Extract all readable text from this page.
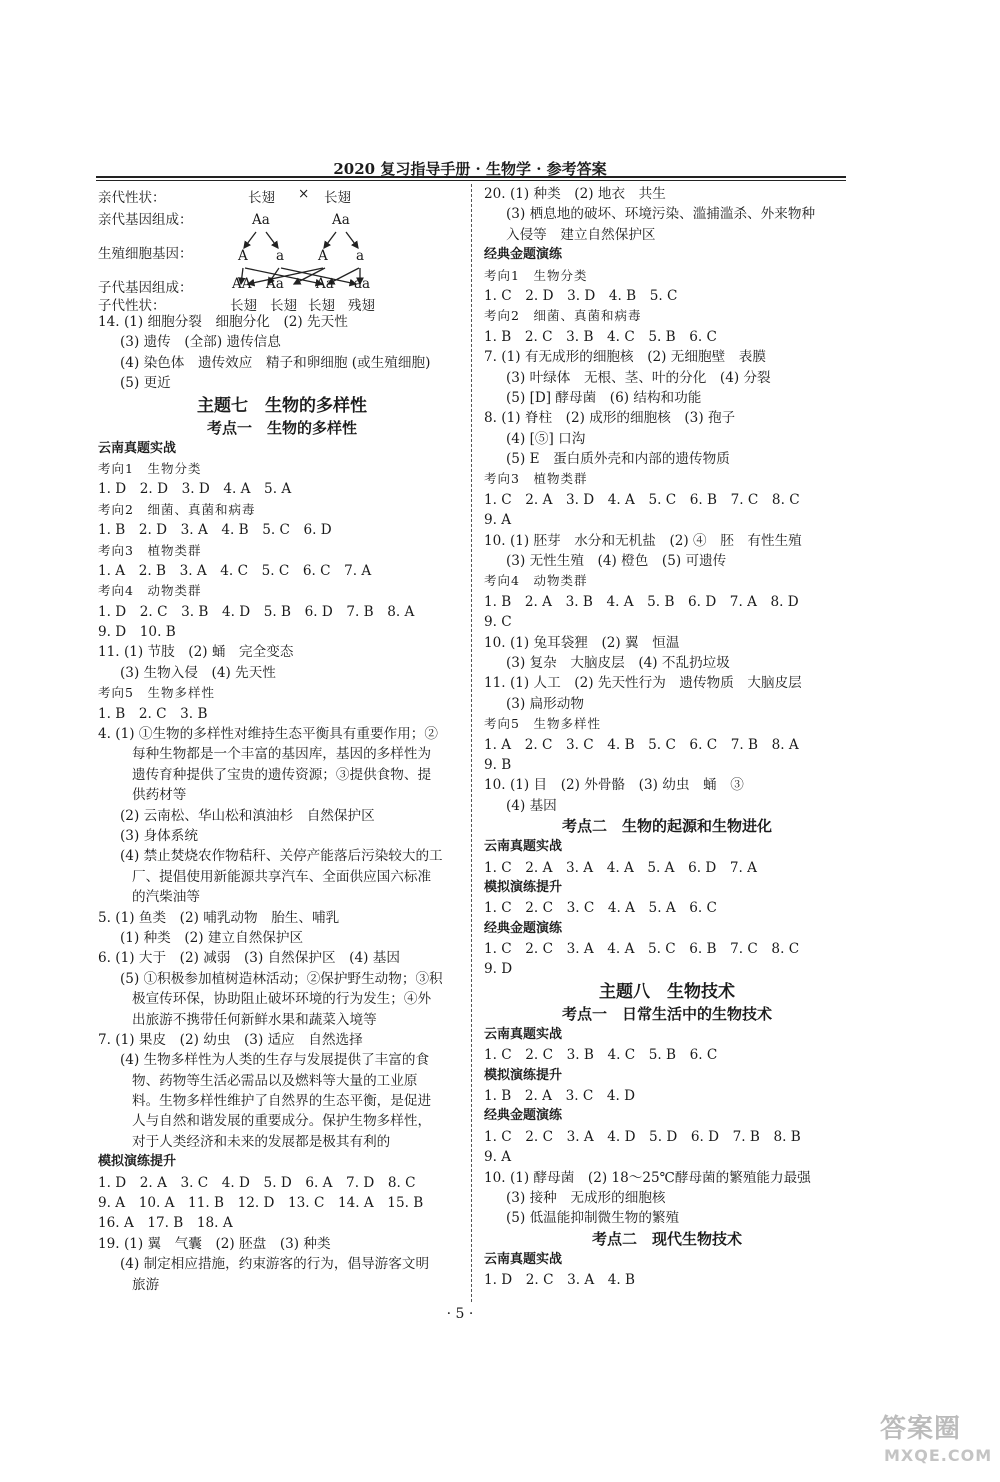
2020 复习指导手册 · 生物学 · 参考答案
亲代性状：
亲代基因组成：
生殖细胞基因：
子代基因组成：
子代性状：
长翅 × 长翅
Aa	Aa
A a	A a
AA Aa Aa aa
长翅 长翅 长翅 残翅
14. (1) 细胞分裂　细胞分化　(2) 先天性
(3) 遗传　(全部) 遗传信息
(4) 染色体　遗传效应　精子和卵细胞 (或生殖细胞)
(5) 更近
主题七　生物的多样性
考点一　生物的多样性
云南真题实战
考向1　生物分类
1. D　2. D　3. D　4. A　5. A
考向2　细菌、真菌和病毒
1. B　2. D　3. A　4. B　5. C　6. D
考向3　植物类群
1. A　2. B　3. A　4. C　5. C　6. C　7. A
考向4　动物类群
1. D　2. C　3. B　4. D　5. B　6. D　7. B　8. A
9. D　10. B
11. (1) 节肢　(2) 蛹　完全变态
(3) 生物入侵　(4) 先天性
考向5　生物多样性
1. B　2. C　3. B
4. (1) ①生物的多样性对维持生态平衡具有重要作用；②
每种生物都是一个丰富的基因库，基因的多样性为
遗传育种提供了宝贵的遗传资源；③提供食物、提
供药材等
(2) 云南松、华山松和滇油杉　自然保护区
(3) 身体系统
(4) 禁止焚烧农作物秸秆、关停产能落后污染较大的工
厂、提倡使用新能源共享汽车、全面供应国六标准
的汽柴油等
5. (1) 鱼类　(2) 哺乳动物　胎生、哺乳
(1) 种类　(2) 建立自然保护区
6. (1) 大于　(2) 减弱　(3) 自然保护区　(4) 基因
(5) ①积极参加植树造林活动；②保护野生动物；③积
极宣传环保，协助阻止破坏环境的行为发生；④外
出旅游不携带任何新鲜水果和蔬菜入境等
7. (1) 果皮　(2) 幼虫　(3) 适应　自然选择
(4) 生物多样性为人类的生存与发展提供了丰富的食
物、药物等生活必需品以及燃料等大量的工业原
料。生物多样性维护了自然界的生态平衡，是促进
人与自然和谐发展的重要成分。保护生物多样性，
对于人类经济和未来的发展都是极其有利的
模拟演练提升
1. D　2. A　3. C　4. D　5. D　6. A　7. D　8. C
9. A　10. A　11. B　12. D　13. C　14. A　15. B
16. A　17. B　18. A
19. (1) 翼　气囊　(2) 胚盘　(3) 种类
(4) 制定相应措施，约束游客的行为，倡导游客文明
旅游
20. (1) 种类　(2) 地衣　共生
(3) 栖息地的破坏、环境污染、滥捕滥杀、外来物种
入侵等　建立自然保护区
经典金题演练
考向1　生物分类
1. C　2. D　3. D　4. B　5. C
考向2　细菌、真菌和病毒
1. B　2. C　3. B　4. C　5. B　6. C
7. (1) 有无成形的细胞核　(2) 无细胞壁　表膜
(3) 叶绿体　无根、茎、叶的分化　(4) 分裂
(5) [D] 酵母菌　(6) 结构和功能
8. (1) 脊柱　(2) 成形的细胞核　(3) 孢子
(4) [⑤] 口沟
(5) E　蛋白质外壳和内部的遗传物质
考向3　植物类群
1. C　2. A　3. D　4. A　5. C　6. B　7. C　8. C
9. A
10. (1) 胚芽　水分和无机盐　(2) ④　胚　有性生殖
(3) 无性生殖　(4) 橙色　(5) 可遗传
考向4　动物类群
1. B　2. A　3. B　4. A　5. B　6. D　7. A　8. D
9. C
10. (1) 兔耳袋狸　(2) 翼　恒温
(3) 复杂　大脑皮层　(4) 不乱扔垃圾
11. (1) 人工　(2) 先天性行为　遗传物质　大脑皮层
(3) 扁形动物
考向5　生物多样性
1. A　2. C　3. C　4. B　5. C　6. C　7. B　8. A
9. B
10. (1) 目　(2) 外骨骼　(3) 幼虫　蛹　③
(4) 基因
考点二　生物的起源和生物进化
云南真题实战
1. C　2. A　3. A　4. A　5. A　6. D　7. A
模拟演练提升
1. C　2. C　3. C　4. A　5. A　6. C
经典金题演练
1. C　2. C　3. A　4. A　5. C　6. B　7. C　8. C
9. D
主题八　生物技术
考点一　日常生活中的生物技术
云南真题实战
1. C　2. C　3. B　4. C　5. B　6. C
模拟演练提升
1. B　2. A　3. C　4. D
经典金题演练
1. C　2. C　3. A　4. D　5. D　6. D　7. B　8. B
9. A
10. (1) 酵母菌　(2) 18～25℃酵母菌的繁殖能力最强
(3) 接种　无成形的细胞核
(5) 低温能抑制微生物的繁殖
考点二　现代生物技术
云南真题实战
1. D　2. C　3. A　4. B
· 5 ·
答案圈
MXQE.COM
